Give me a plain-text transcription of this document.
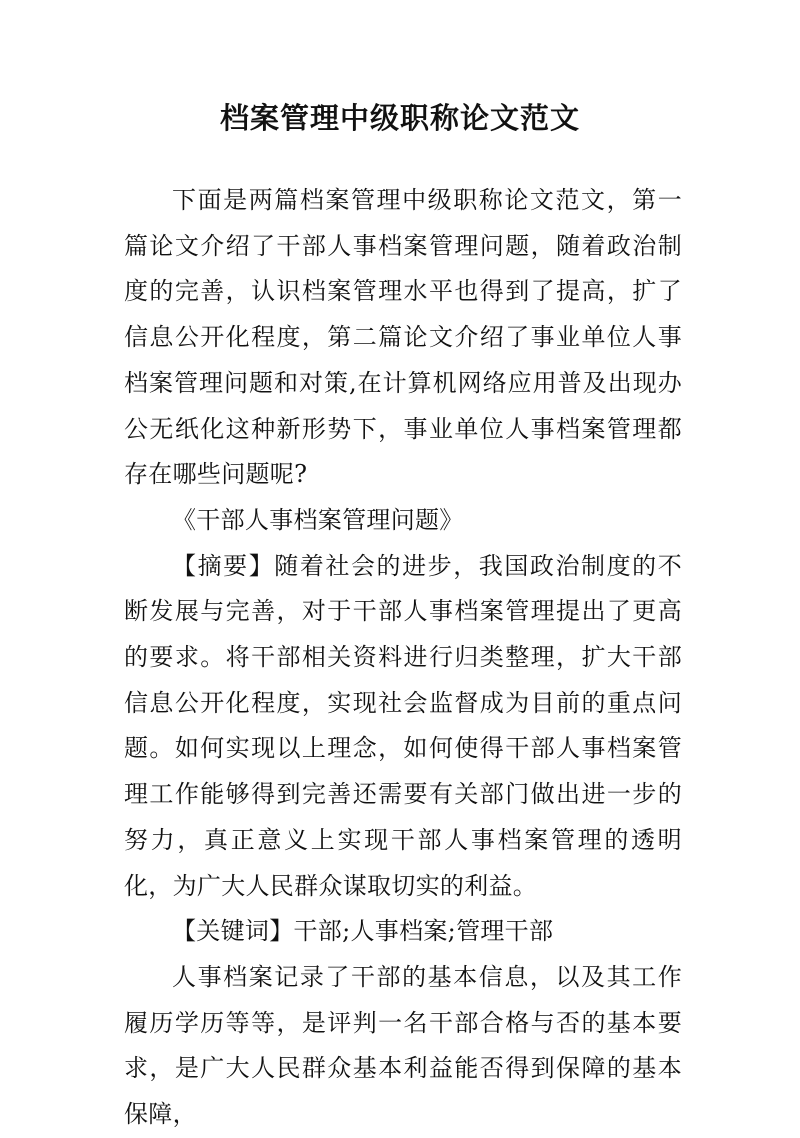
档案管理中级职称论文范文

下面是两篇档案管理中级职称论文范文，第一篇论文介绍了干部人事档案管理问题，随着政治制度的完善，认识档案管理水平也得到了提高，扩了信息公开化程度，第二篇论文介绍了事业单位人事档案管理问题和对策,在计算机网络应用普及出现办公无纸化这种新形势下，事业单位人事档案管理都存在哪些问题呢?

《干部人事档案管理问题》

【摘要】随着社会的进步，我国政治制度的不断发展与完善，对于干部人事档案管理提出了更高的要求。将干部相关资料进行归类整理，扩大干部信息公开化程度，实现社会监督成为目前的重点问题。如何实现以上理念，如何使得干部人事档案管理工作能够得到完善还需要有关部门做出进一步的努力，真正意义上实现干部人事档案管理的透明化，为广大人民群众谋取切实的利益。

【关键词】干部;人事档案;管理干部

人事档案记录了干部的基本信息，以及其工作履历学历等等，是评判一名干部合格与否的基本要求，是广大人民群众基本利益能否得到保障的基本保障，
